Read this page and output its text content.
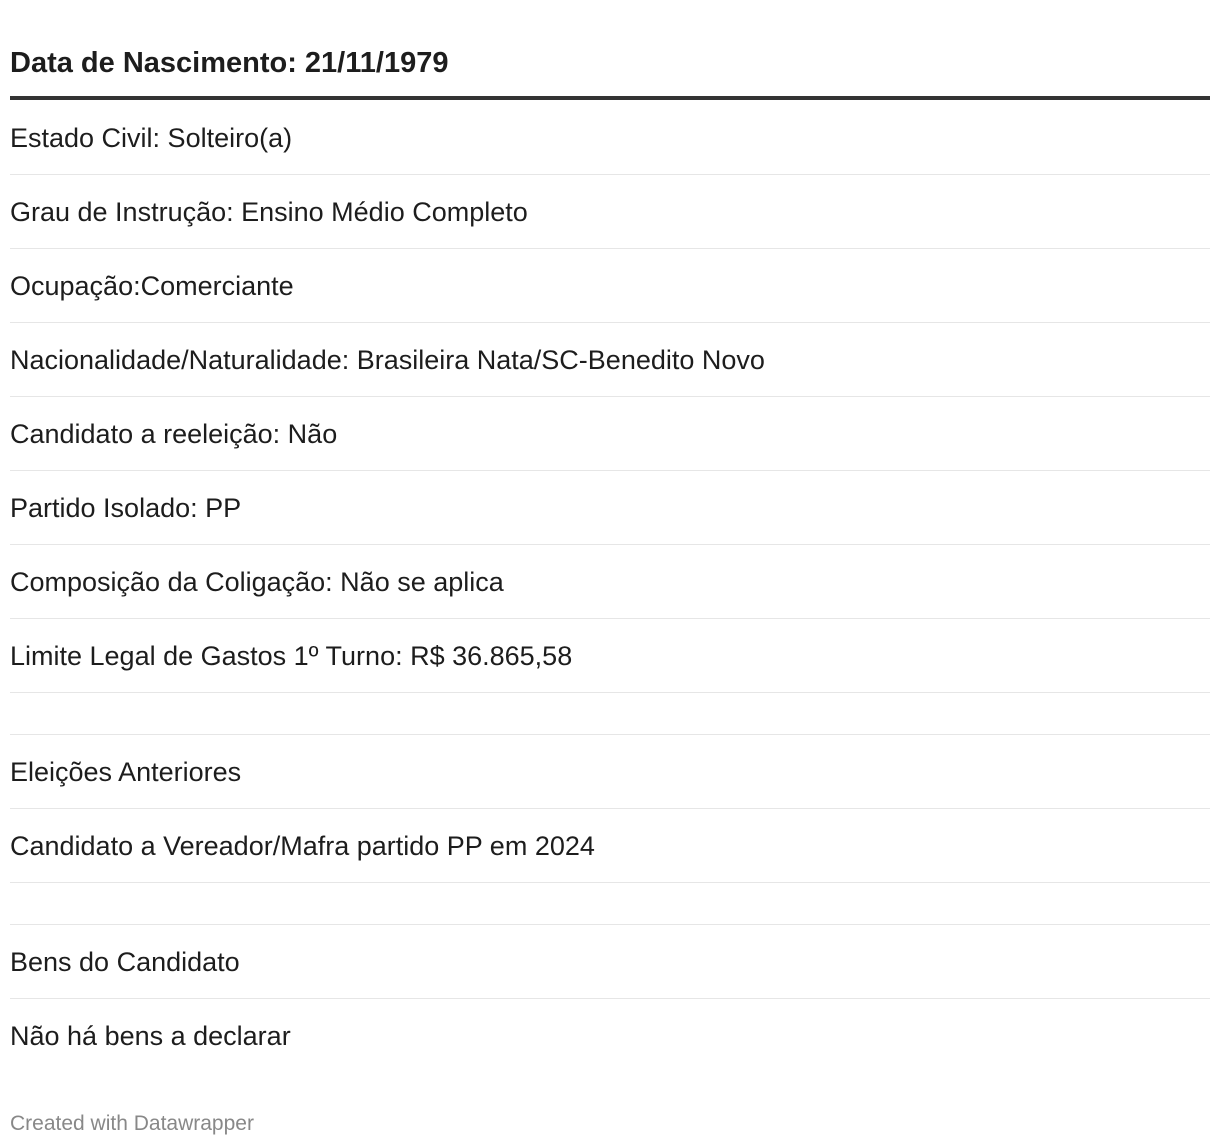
Data de Nascimento: 21/11/1979
Estado Civil: Solteiro(a)
Grau de Instrução: Ensino Médio Completo
Ocupação:Comerciante
Nacionalidade/Naturalidade: Brasileira Nata/SC-Benedito Novo
Candidato a reeleição: Não
Partido Isolado: PP
Composição da Coligação: Não se aplica
Limite Legal de Gastos 1º Turno: R$ 36.865,58
Eleições Anteriores
Candidato a Vereador/Mafra partido PP em 2024
Bens do Candidato
Não há bens a declarar
Created with Datawrapper
